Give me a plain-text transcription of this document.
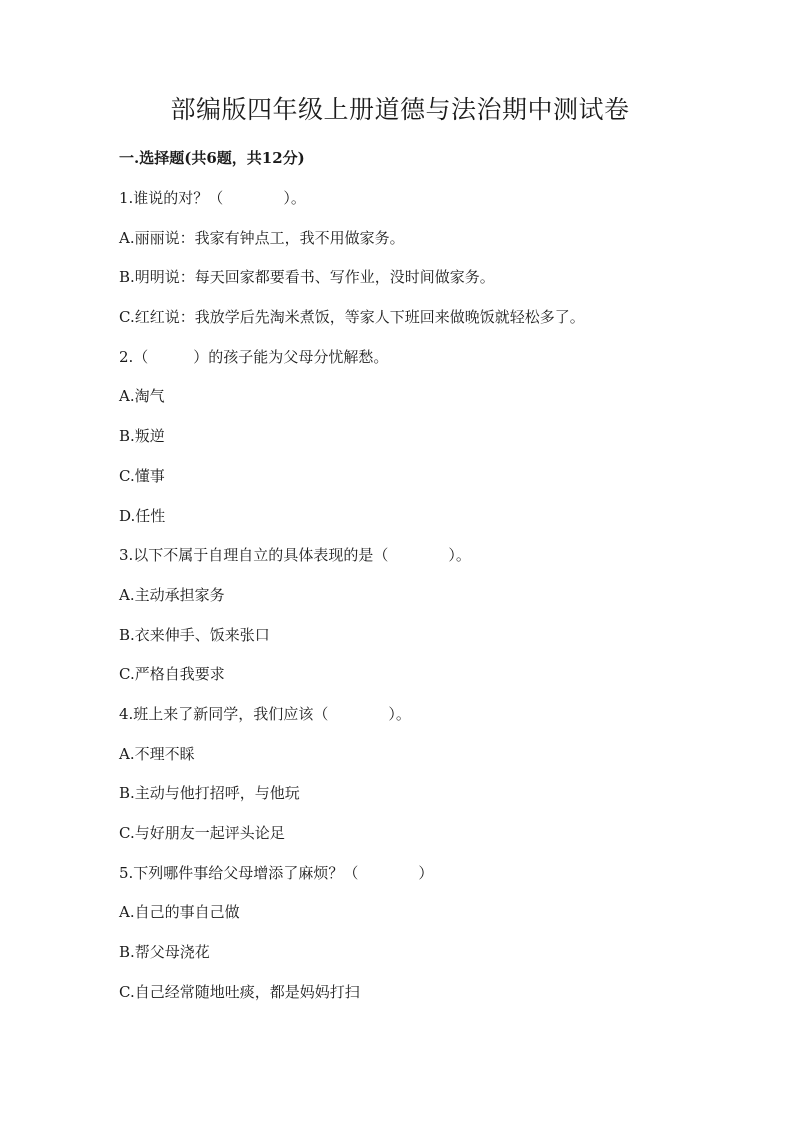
部编版四年级上册道德与法治期中测试卷
一.选择题(共6题，共12分)
1.谁说的对？（　　　　）。
A.丽丽说：我家有钟点工，我不用做家务。
B.明明说：每天回家都要看书、写作业，没时间做家务。
C.红红说：我放学后先淘米煮饭，等家人下班回来做晚饭就轻松多了。
2.（　　　）的孩子能为父母分忧解愁。
A.淘气
B.叛逆
C.懂事
D.任性
3.以下不属于自理自立的具体表现的是（　　　　）。
A.主动承担家务
B.衣来伸手、饭来张口
C.严格自我要求
4.班上来了新同学，我们应该（　　　　）。
A.不理不睬
B.主动与他打招呼，与他玩
C.与好朋友一起评头论足
5.下列哪件事给父母增添了麻烦？（　　　　）
A.自己的事自己做
B.帮父母浇花
C.自己经常随地吐痰，都是妈妈打扫
